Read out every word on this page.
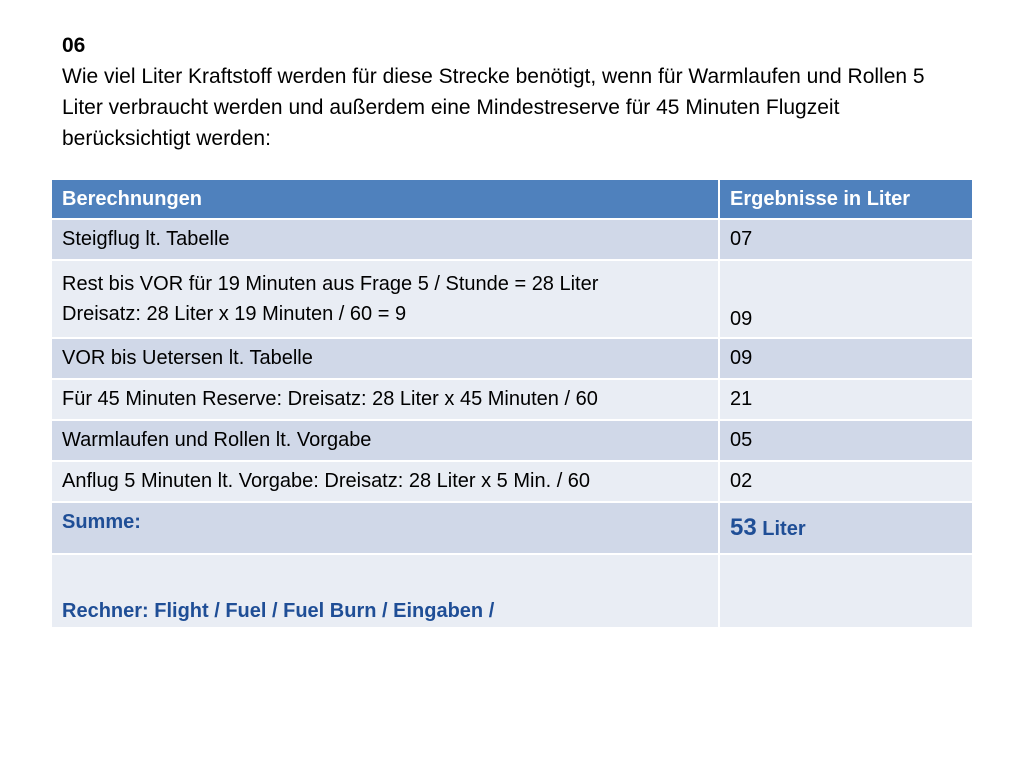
06
Wie viel Liter Kraftstoff werden für diese Strecke benötigt, wenn für Warmlaufen und Rollen 5 Liter verbraucht werden und außerdem eine Mindestreserve für 45 Minuten Flugzeit berücksichtigt werden:
Berechnungen	Ergebnisse in Liter
Steigflug lt. Tabelle	07

Rest bis VOR für 19 Minuten aus Frage 5 / Stunde = 28 Liter
Dreisatz: 28 Liter x 19 Minuten / 60 = 9	09
VOR bis Uetersen lt. Tabelle	09
Für 45 Minuten Reserve: Dreisatz: 28 Liter x 45 Minuten / 60	21
Warmlaufen und Rollen lt. Vorgabe	05
Anflug 5 Minuten lt. Vorgabe: Dreisatz: 28 Liter x 5 Min. / 60	02
Summe:	53 Liter
Rechner: Flight / Fuel / Fuel Burn / Eingaben /	
